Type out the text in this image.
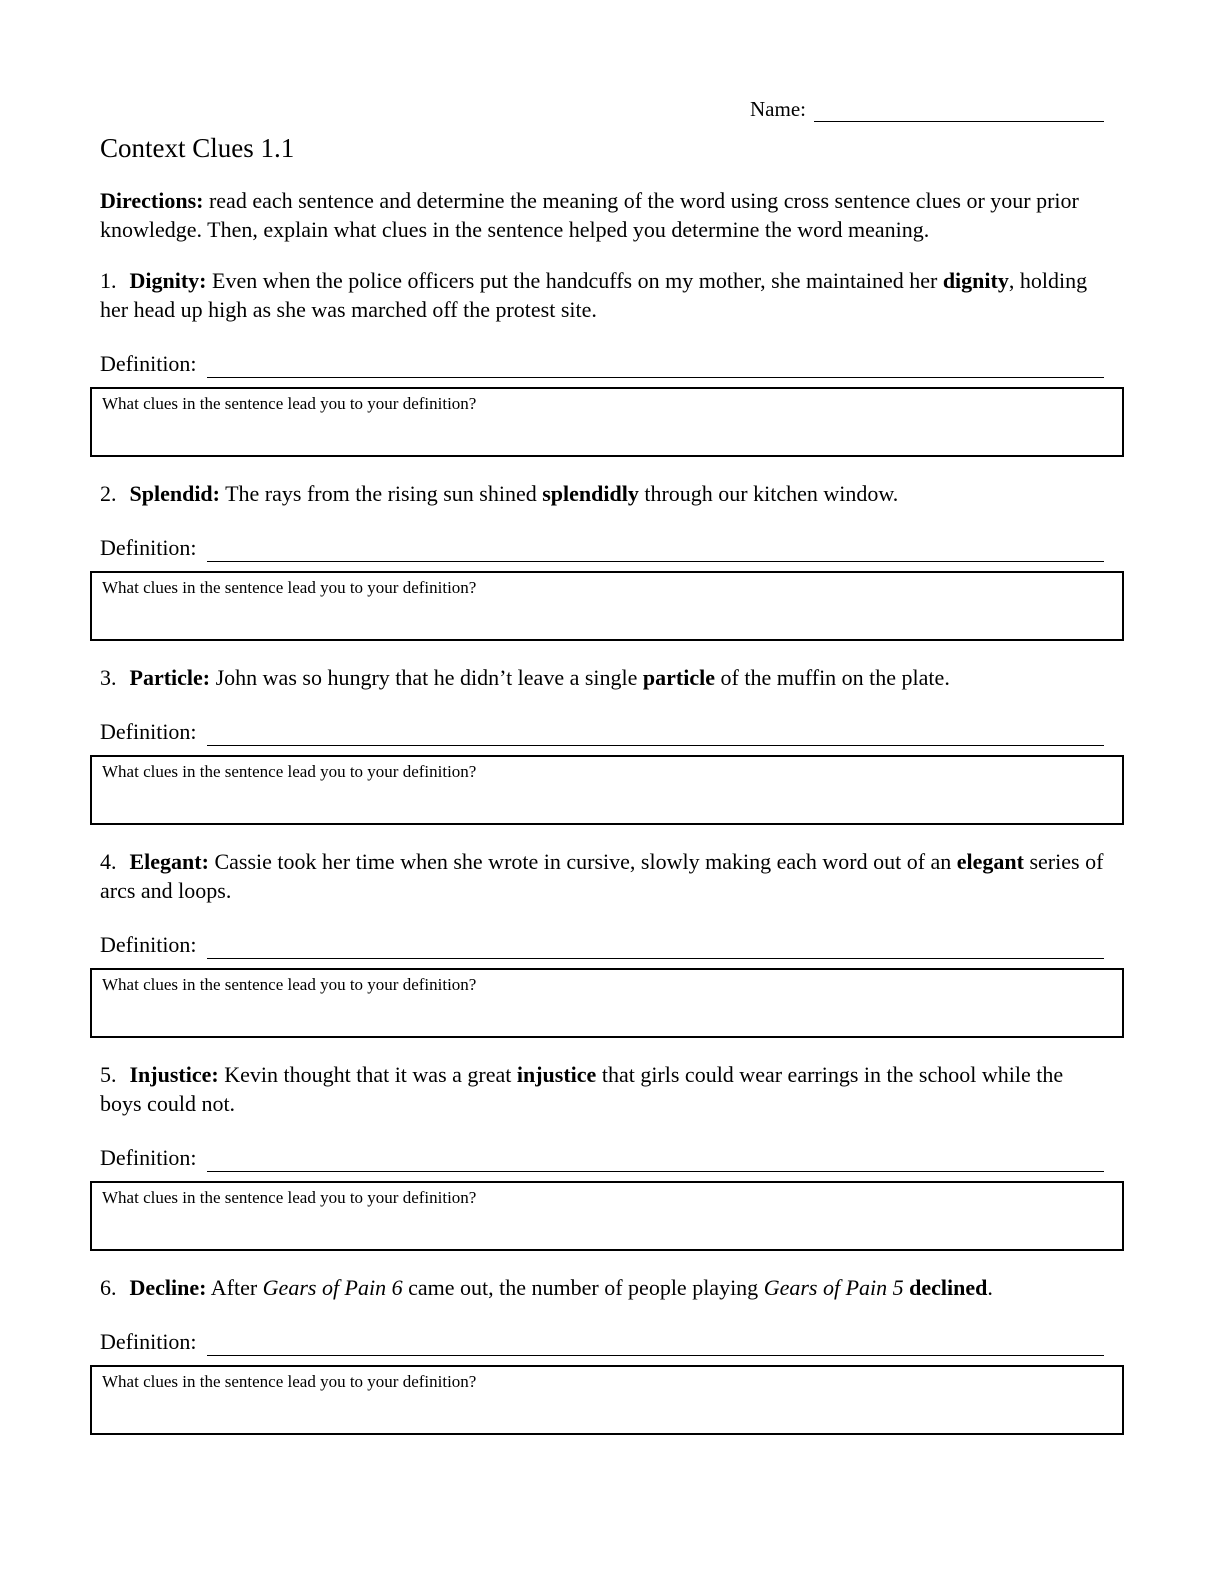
Name:
Context Clues 1.1

Directions: read each sentence and determine the meaning of the word using cross sentence clues or your prior knowledge. Then, explain what clues in the sentence helped you determine the word meaning.

1. Dignity: Even when the police officers put the handcuffs on my mother, she maintained her dignity, holding her head up high as she was marched off the protest site.

Definition:
What clues in the sentence lead you to your definition?

2. Splendid: The rays from the rising sun shined splendidly through our kitchen window.

Definition:
What clues in the sentence lead you to your definition?

3. Particle: John was so hungry that he didn’t leave a single particle of the muffin on the plate.

Definition:
What clues in the sentence lead you to your definition?

4. Elegant: Cassie took her time when she wrote in cursive, slowly making each word out of an elegant series of arcs and loops.

Definition:
What clues in the sentence lead you to your definition?

5. Injustice: Kevin thought that it was a great injustice that girls could wear earrings in the school while the boys could not.

Definition:
What clues in the sentence lead you to your definition?

6. Decline: After Gears of Pain 6 came out, the number of people playing Gears of Pain 5 declined.

Definition:
What clues in the sentence lead you to your definition?
